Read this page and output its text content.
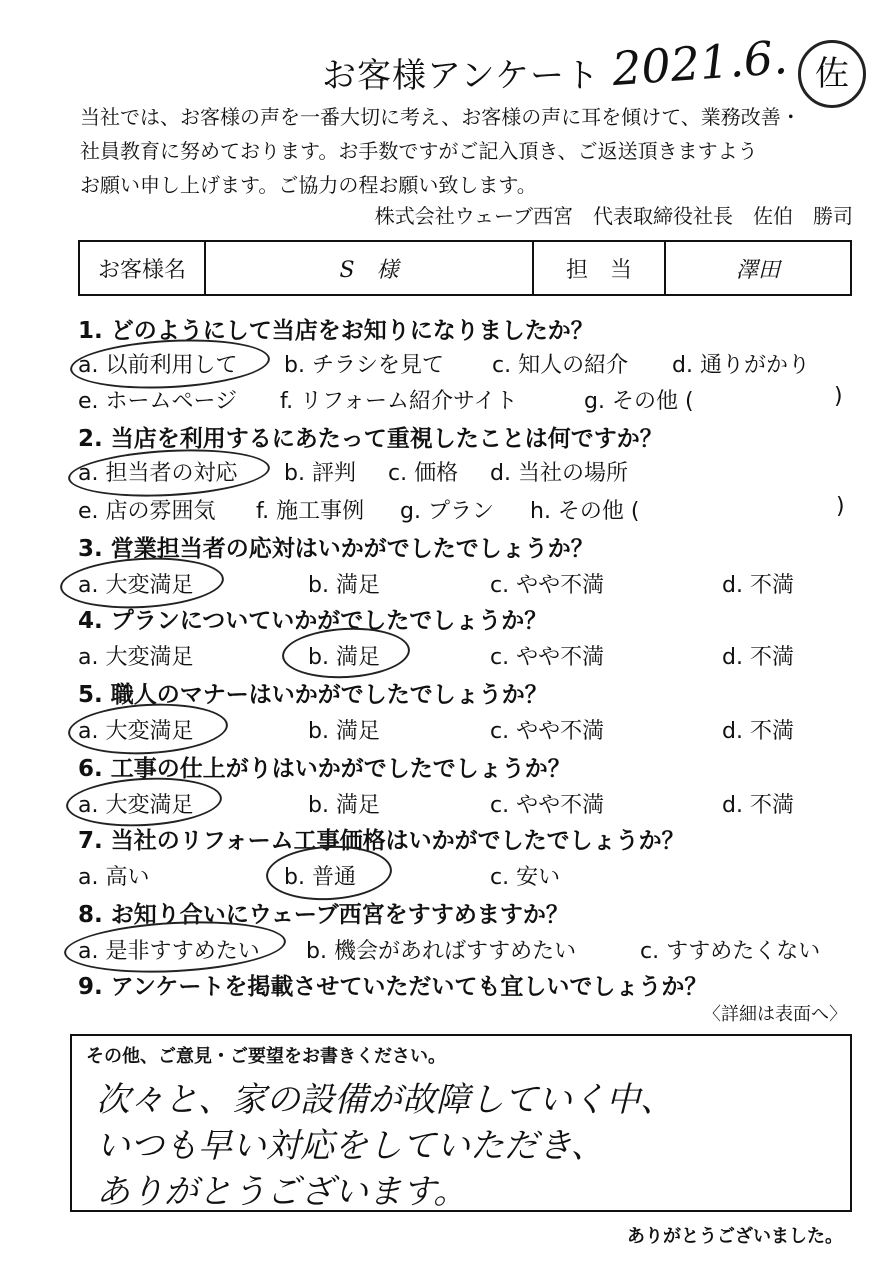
お客様アンケート 2021.6. 佐
当社では、お客様の声を一番大切に考え、お客様の声に耳を傾けて、業務改善・
社員教育に努めております。お手数ですがご記入頂き、ご返送頂きますよう
お願い申し上げます。ご協力の程お願い致します。
株式会社ウェーブ西宮　代表取締役社長　佐伯　勝司
お客様名	S　様	担　当	澤田
1. どのようにして当店をお知りになりましたか？
a. 以前利用して b. チラシを見て c. 知人の紹介 d. 通りがかり
e. ホームページ f. リフォーム紹介サイト	g. その他 (	)
2. 当店を利用するにあたって重視したことは何ですか？
a. 担当者の対応 b. 評判 c. 価格 d. 当社の場所
e. 店の雰囲気 f. 施工事例 g. プラン h. その他 (	)
3. 営業担当者の応対はいかがでしたでしょうか？
a. 大変満足	b. 満足	c. やや不満	d. 不満
4. プランについていかがでしたでしょうか？
a. 大変満足	b. 満足	c. やや不満	d. 不満
5. 職人のマナーはいかがでしたでしょうか？
a. 大変満足	b. 満足	c. やや不満	d. 不満
6. 工事の仕上がりはいかがでしたでしょうか？
a. 大変満足	b. 満足	c. やや不満	d. 不満
7. 当社のリフォーム工事価格はいかがでしたでしょうか？
a. 高い	b. 普通	c. 安い
8. お知り合いにウェーブ西宮をすすめますか？
a. 是非すすめたい b. 機会があればすすめたい	c. すすめたくない
9. アンケートを掲載させていただいても宜しいでしょうか？
〈詳細は表面へ〉
その他、ご意見・ご要望をお書きください。
次々と、家の設備が故障していく中、
いつも早い対応をしていただき、
ありがとうございます。
ありがとうございました。
